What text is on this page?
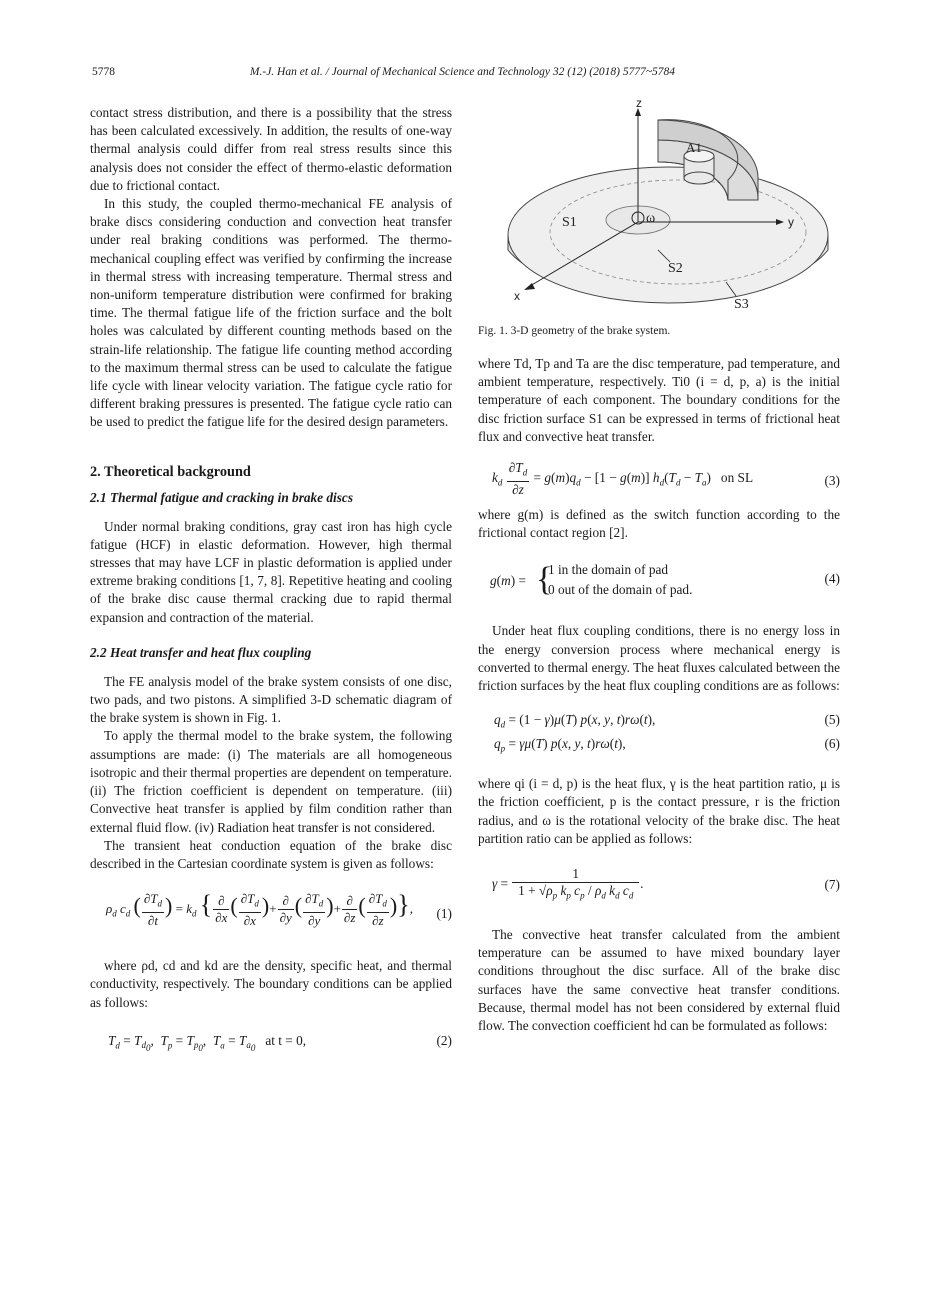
5778	M.-J. Han et al. / Journal of Mechanical Science and Technology 32 (12) (2018) 5777~5784

contact stress distribution, and there is a possibility that the stress has been calculated excessively. In addition, the results of one-way thermal analysis could differ from real stress results since this analysis does not consider the effect of thermo-elastic deformation due to frictional contact.

In this study, the coupled thermo-mechanical FE analysis of brake discs considering conduction and convection heat transfer under real braking conditions was performed. The thermo-mechanical coupling effect was verified by confirming the increase in thermal stress with increasing temperature. Thermal stress and non-uniform temperature distribution were confirmed for braking time. The thermal fatigue life of the friction surface and the bolt holes was calculated by different counting methods based on the strain-life relationship. The fatigue life counting method according to the maximum thermal stress can be used to calculate the fatigue life cycle with linear velocity variation. The fatigue cycle ratio for different braking pressures is presented. The fatigue cycle ratio can be used to predict the fatigue life for the desired design parameters.

2. Theoretical background
2.1 Thermal fatigue and cracking in brake discs

Under normal braking conditions, gray cast iron has high cycle fatigue (HCF) in elastic deformation. However, high thermal stresses that may have LCF in plastic deformation is applied under extreme braking conditions [1, 7, 8]. Repetitive heating and cooling of the brake disc cause thermal cracking due to rapid thermal expansion and contraction of the material.

2.2 Heat transfer and heat flux coupling

The FE analysis model of the brake system consists of one disc, two pads, and two pistons. A simplified 3-D schematic diagram of the brake system is shown in Fig. 1.

To apply the thermal model to the brake system, the following assumptions are made: (i) The materials are all homogeneous isotropic and their thermal properties are dependent on temperature. (ii) The friction coefficient is dependent on temperature. (iii) Convective heat transfer is applied by film condition rather than external fluid flow. (iv) Radiation heat transfer is not considered.

The transient heat conduction equation of the brake disc described in the Cartesian coordinate system is given as follows:

$\rho_d$ $c_d$ ( $\frac{\partial T_d}{\partial t}$ ) = $k_d$ { ∂
∂x
( $\frac{\partial T_d}{\partial x}$ )+ ∂
∂y
( $\frac{\partial T_d}{\partial y}$ )+ ∂
∂z
( $\frac{\partial T_d}{\partial z}$ )}, (1)

where ρd, cd and kd are the density, specific heat, and thermal conductivity, respectively. The boundary conditions can be applied as follows:

$T_d = T_{d_0}$,  $T_p = T_{p_0}$,  $T_a = T_{a_0}$   at t = 0,	(2)
z
y
x
ω
S1
S2
S3
A1
Fig. 1. 3-D geometry of the brake system.

where Td, Tp and Ta are the disc temperature, pad temperature, and ambient temperature, respectively. Ti0 (i = d, p, a) is the initial temperature of each component. The boundary conditions for the disc friction surface S1 can be expressed in terms of frictional heat flux and convective heat transfer.

$k_d \frac{\partial T_d}{\partial z} = g(m)q_d - [1 - g(m)] h_d(T_d - T_a)$ on SL	(3)

where g(m) is defined as the switch function according to the frictional contact region [2].

g(m) = {
1 in the domain of pad
0 out of the domain of pad.
(4)

Under heat flux coupling conditions, there is no energy loss in the energy conversion process where mechanical energy is converted to thermal energy. The heat fluxes calculated between the friction surfaces by the heat flux coupling conditions are as follows:

$q_d = (1 - \gamma)\mu(T)$ p(x, y, t)rω(t),	(5)
$q_p = \gamma\mu(T)$ p(x, y, t)rω(t),	(6)

where qi (i = d, p) is the heat flux, γ is the heat partition ratio, μ is the friction coefficient, p is the contact pressure, r is the friction radius, and ω is the rotational velocity of the brake disc. The heat partition ratio can be applied as follows:

$\gamma = \frac{1}{1 + √\rho_p k_p c_p / \rho_d k_d c_d}$ .	(7)

The convective heat transfer calculated from the ambient temperature can be assumed to have mixed boundary layer conditions throughout the disc surface. All of the brake disc surfaces have the same convective heat transfer conditions. Because, thermal model has not been considered by external fluid flow. The convection coefficient hd can be formulated as follows:
